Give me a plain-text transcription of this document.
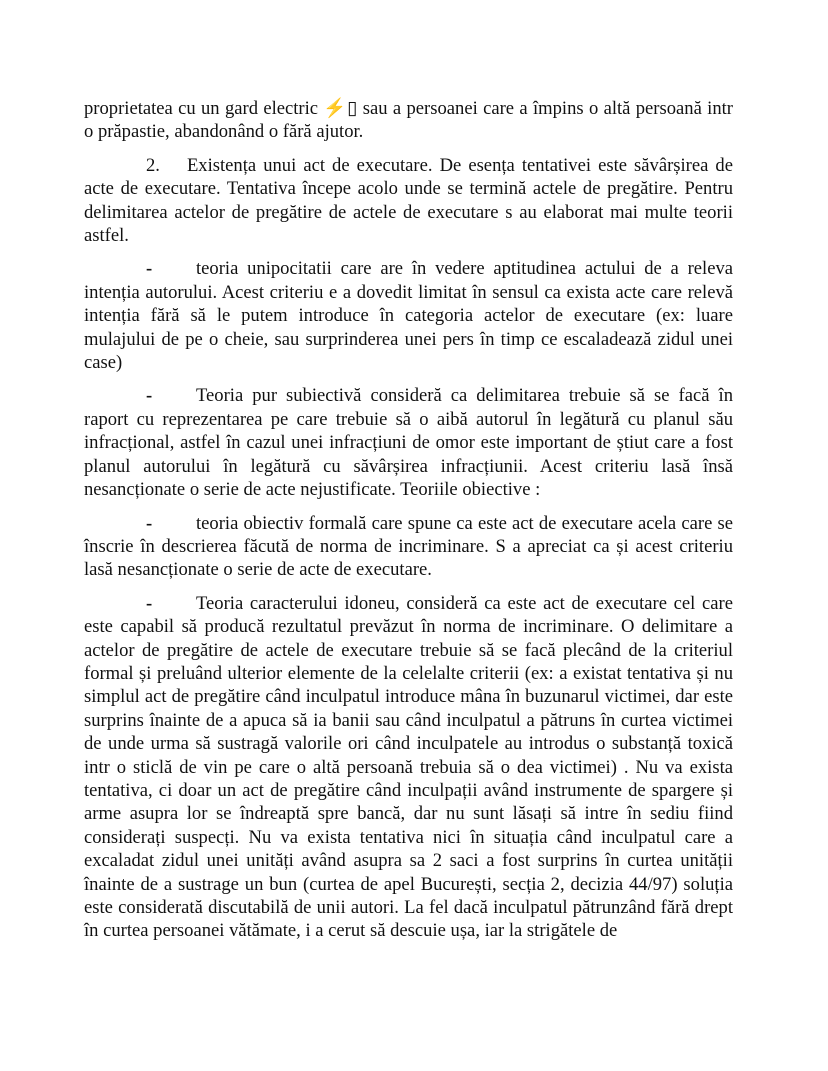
proprietatea cu un gard electric ⚡▯ sau a persoanei care a împins o altă persoană intr o prăpastie, abandonând o fără ajutor.

2. Existența unui act de executare. De esența tentativei este săvârșirea de acte de executare. Tentativa începe acolo unde se termină actele de pregătire. Pentru delimitarea actelor de pregătire de actele de executare s au elaborat mai multe teorii astfel.

- teoria unipocitatii care are în vedere aptitudinea actului de a releva intenția autorului. Acest criteriu e a dovedit limitat în sensul ca exista acte care relevă intenția fără să le putem introduce în categoria actelor de executare (ex: luare mulajului de pe o cheie, sau surprinderea unei pers în timp ce escaladează zidul unei case)

- Teoria pur subiectivă consideră ca delimitarea trebuie să se facă în raport cu reprezentarea pe care trebuie să o aibă autorul în legătură cu planul său infracțional, astfel în cazul unei infracțiuni de omor este important de știut care a fost planul autorului în legătură cu săvârșirea infracțiunii. Acest criteriu lasă însă nesancționate o serie de acte nejustificate. Teoriile obiective :

- teoria obiectiv formală care spune ca este act de executare acela care se înscrie în descrierea făcută de norma de incriminare. S a apreciat ca și acest criteriu lasă nesancționate o serie de acte de executare.

- Teoria caracterului idoneu, consideră ca este act de executare cel care este capabil să producă rezultatul prevăzut în norma de incriminare. O delimitare a actelor de pregătire de actele de executare trebuie să se facă plecând de la criteriul formal și preluând ulterior elemente de la celelalte criterii (ex: a existat tentativa și nu simplul act de pregătire când inculpatul introduce mâna în buzunarul victimei, dar este surprins înainte de a apuca să ia banii sau când inculpatul a pătruns în curtea victimei de unde urma să sustragă valorile ori când inculpatele au introdus o substanță toxică intr o sticlă de vin pe care o altă persoană trebuia să o dea victimei) . Nu va exista tentativa, ci doar un act de pregătire când inculpații având instrumente de spargere și arme asupra lor se îndreaptă spre bancă, dar nu sunt lăsați să intre în sediu fiind considerați suspecți. Nu va exista tentativa nici în situația când inculpatul care a excaladat zidul unei unități având asupra sa 2 saci a fost surprins în curtea unității înainte de a sustrage un bun (curtea de apel București, secția 2, decizia 44/97) soluția este considerată discutabilă de unii autori. La fel dacă inculpatul pătrunzând fără drept în curtea persoanei vătămate, i a cerut să descuie ușa, iar la strigătele de
